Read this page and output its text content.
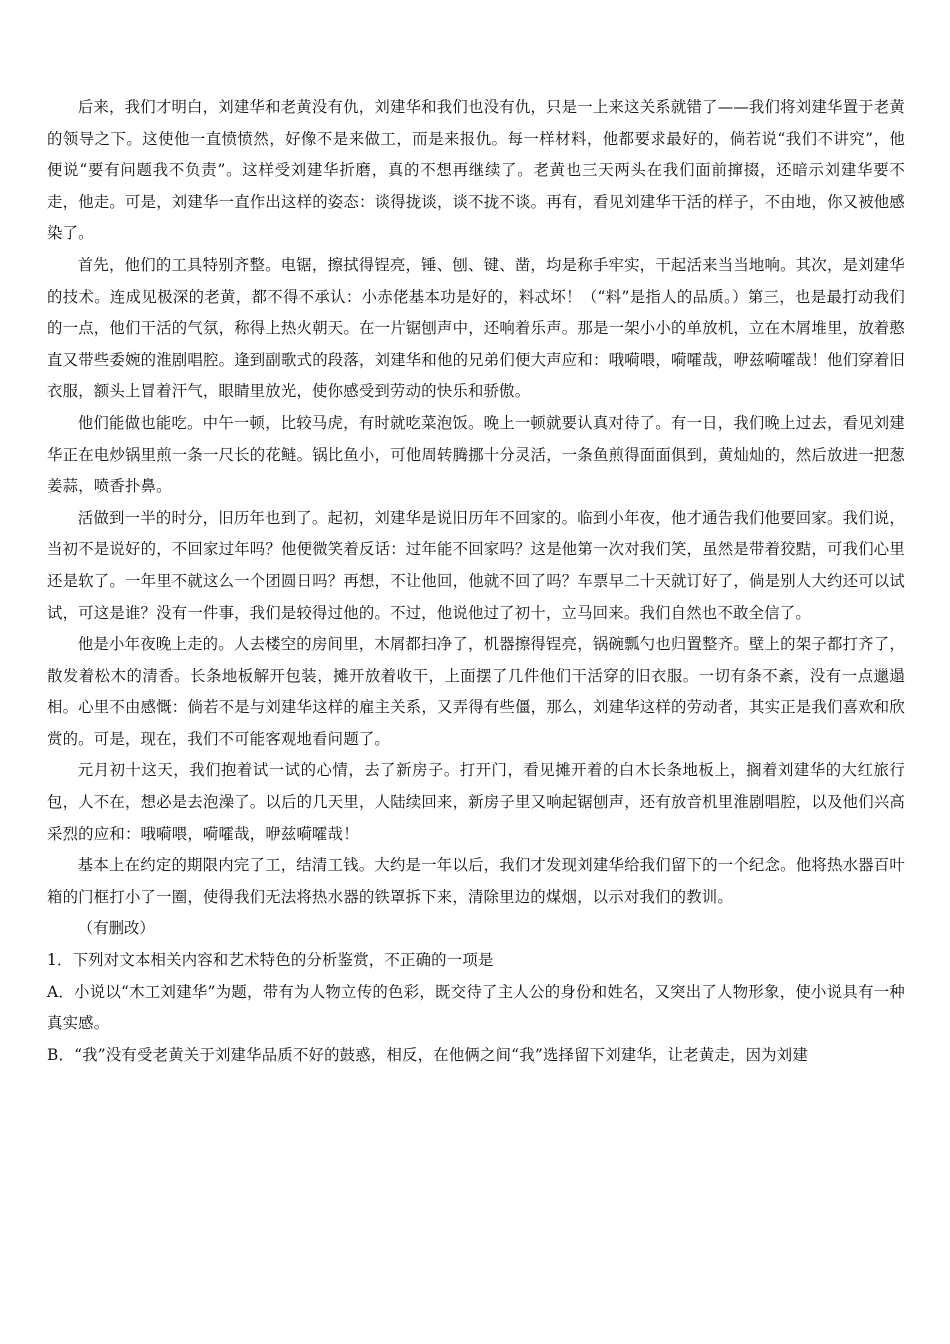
后来，我们才明白，刘建华和老黄没有仇，刘建华和我们也没有仇，只是一上来这关系就错了——我们将刘建华置于老黄的领导之下。这使他一直愤愤然，好像不是来做工，而是来报仇。每一样材料，他都要求最好的，倘若说“我们不讲究”，他便说“要有问题我不负责”。这样受刘建华折磨，真的不想再继续了。老黄也三天两头在我们面前撺掇，还暗示刘建华要不走，他走。可是，刘建华一直作出这样的姿态：谈得拢谈，谈不拢不谈。再有，看见刘建华干活的样子，不由地，你又被他感染了。

首先，他们的工具特别齐整。电锯，擦拭得锃亮，锤、刨、键、凿，均是称手牢实，干起活来当当地响。其次，是刘建华的技术。连成见极深的老黄，都不得不承认：小赤佬基本功是好的，料忒坏！（“料”是指人的品质。）第三，也是最打动我们的一点，他们干活的气氛，称得上热火朝天。在一片锯刨声中，还响着乐声。那是一架小小的单放机，立在木屑堆里，放着憨直又带些委婉的淮剧唱腔。逢到副歌式的段落，刘建华和他的兄弟们便大声应和：哦嗬喂，嗬嚯哉，咿兹嗬嚯哉！他们穿着旧衣服，额头上冒着汗气，眼睛里放光，使你感受到劳动的快乐和骄傲。

他们能做也能吃。中午一顿，比较马虎，有时就吃菜泡饭。晚上一顿就要认真对待了。有一日，我们晚上过去，看见刘建华正在电炒锅里煎一条一尺长的花鲢。锅比鱼小，可他周转腾挪十分灵活，一条鱼煎得面面俱到，黄灿灿的，然后放进一把葱姜蒜，喷香扑鼻。

活做到一半的时分，旧历年也到了。起初，刘建华是说旧历年不回家的。临到小年夜，他才通告我们他要回家。我们说，当初不是说好的，不回家过年吗？他便微笑着反话：过年能不回家吗？这是他第一次对我们笑，虽然是带着狡黠，可我们心里还是软了。一年里不就这么一个团圆日吗？再想，不让他回，他就不回了吗？车票早二十天就订好了，倘是别人大约还可以试试，可这是谁？没有一件事，我们是较得过他的。不过，他说他过了初十，立马回来。我们自然也不敢全信了。

他是小年夜晚上走的。人去楼空的房间里，木屑都扫净了，机器擦得锃亮，锅碗瓢勺也归置整齐。壁上的架子都打齐了，散发着松木的清香。长条地板解开包装，摊开放着收干，上面摆了几件他们干活穿的旧衣服。一切有条不紊，没有一点邋遢相。心里不由感慨：倘若不是与刘建华这样的雇主关系，又弄得有些僵，那么，刘建华这样的劳动者，其实正是我们喜欢和欣赏的。可是，现在，我们不可能客观地看问题了。

元月初十这天，我们抱着试一试的心情，去了新房子。打开门，看见摊开着的白木长条地板上，搁着刘建华的大红旅行包，人不在，想必是去泡澡了。以后的几天里，人陆续回来，新房子里又响起锯刨声，还有放音机里淮剧唱腔，以及他们兴高采烈的应和：哦嗬喂，嗬嚯哉，咿兹嗬嚯哉！

基本上在约定的期限内完了工，结清工钱。大约是一年以后，我们才发现刘建华给我们留下的一个纪念。他将热水器百叶箱的门框打小了一圈，使得我们无法将热水器的铁罩拆下来，清除里边的煤烟，以示对我们的教训。

（有删改）

1．下列对文本相关内容和艺术特色的分析鉴赏，不正确的一项是

A．小说以“木工刘建华”为题，带有为人物立传的色彩，既交待了主人公的身份和姓名，又突出了人物形象，使小说具有一种真实感。

B．“我”没有受老黄关于刘建华品质不好的鼓惑，相反，在他俩之间“我”选择留下刘建华，让老黄走，因为刘建
